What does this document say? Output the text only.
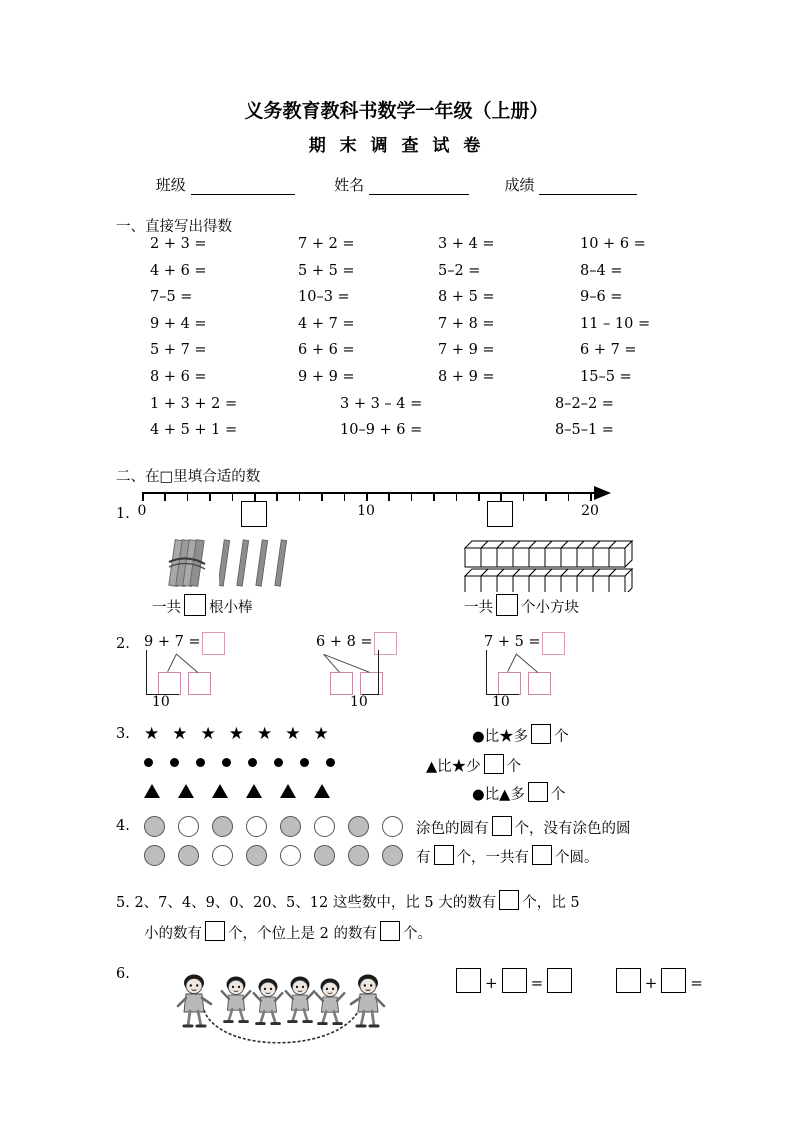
义务教育教科书数学一年级（上册）
期 末 调 查 试 卷
班级	姓名	成绩
一、直接写出得数
2 + 3 =	7 + 2 =	3 + 4 =	10 + 6 =
4 + 6 =	5 + 5 =	5–2 =	8–4 =
7–5 =	10–3 =	8 + 5 =	9–6 =
9 + 4 =	4 + 7 =	7 + 8 =	11 – 10 =
5 + 7 =	6 + 6 =	7 + 9 =	6 + 7 =
8 + 6 =	9 + 9 =	8 + 9 =	15–5 =
1 + 3 + 2 =	3 + 3 – 4 =	8–2–2 =
4 + 5 + 1 =	10–9 + 6 =	8–5–1 =
二、在□里填合适的数
1. 0	10	20
一共 根小棒	一共 个小方块
2. 9 + 7 =
10
6 + 8 =
10
7 + 5 =
10
3. ★ ★ ★ ★ ★ ★ ★	●比★多 个
▲比★少 个
●比▲多 个
4.	涂色的圆有 个，没有涂色的圆
有 个，一共有 个圆。
5. 2、7、4、9、0、20、5、12 这些数中，比 5 大的数有 个，比 5
小的数有 个，个位上是 2 的数有 个。
6.	+ =	+ =
